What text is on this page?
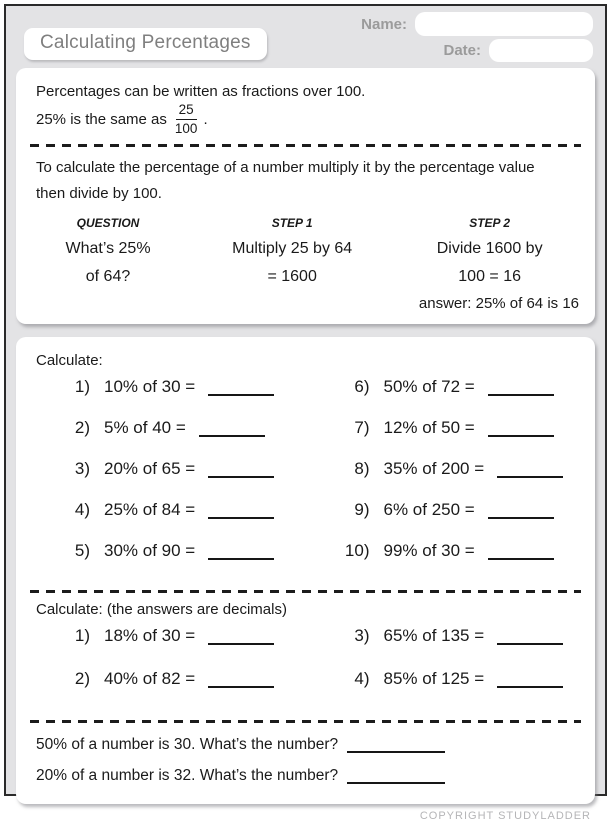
Calculating Percentages
Name:
Date:
Percentages can be written as fractions over 100.
25% is the same as $\frac{25}{100}$ .
To calculate the percentage of a number multiply it by the percentage value
then divide by 100.
QUESTION
What’s 25%
of 64?
STEP 1
Multiply 25 by 64
= 1600
STEP 2
Divide 1600 by
100 = 16
answer: 25% of 64 is 16
Calculate:
1) 10% of 30 =
2) 5% of 40 =
3) 20% of 65 =
4) 25% of 84 =
5) 30% of 90 =
6) 50% of 72 =
7) 12% of 50 =
8) 35% of 200 =
9) 6% of 250 =
10) 99% of 30 =
Calculate: (the answers are decimals)
1) 18% of 30 =
2) 40% of 82 =
3) 65% of 135 =
4) 85% of 125 =
50% of a number is 30. What’s the number?
20% of a number is 32. What’s the number?
COPYRIGHT STUDYLADDER
